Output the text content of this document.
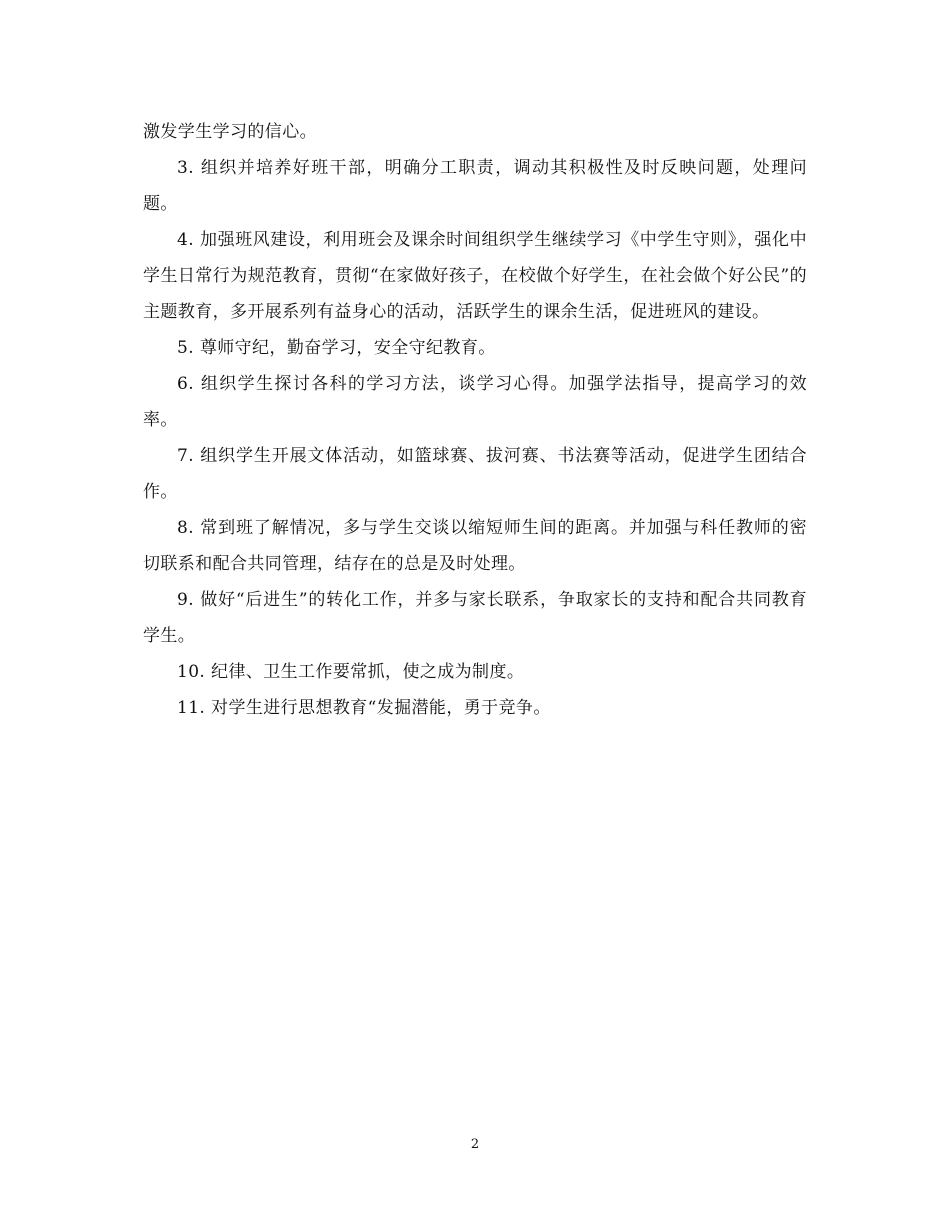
激发学生学习的信心。

3. 组织并培养好班干部，明确分工职责，调动其积极性及时反映问题，处理问题。

4. 加强班风建设，利用班会及课余时间组织学生继续学习《中学生守则》，强化中学生日常行为规范教育，贯彻“在家做好孩子，在校做个好学生，在社会做个好公民”的主题教育，多开展系列有益身心的活动，活跃学生的课余生活，促进班风的建设。

5. 尊师守纪，勤奋学习，安全守纪教育。

6. 组织学生探讨各科的学习方法，谈学习心得。加强学法指导，提高学习的效率。

7. 组织学生开展文体活动，如篮球赛、拔河赛、书法赛等活动，促进学生团结合作。

8. 常到班了解情况，多与学生交谈以缩短师生间的距离。并加强与科任教师的密切联系和配合共同管理，结存在的总是及时处理。

9. 做好“后进生”的转化工作，并多与家长联系，争取家长的支持和配合共同教育学生。

10. 纪律、卫生工作要常抓，使之成为制度。

11. 对学生进行思想教育“发掘潜能，勇于竞争。

2
